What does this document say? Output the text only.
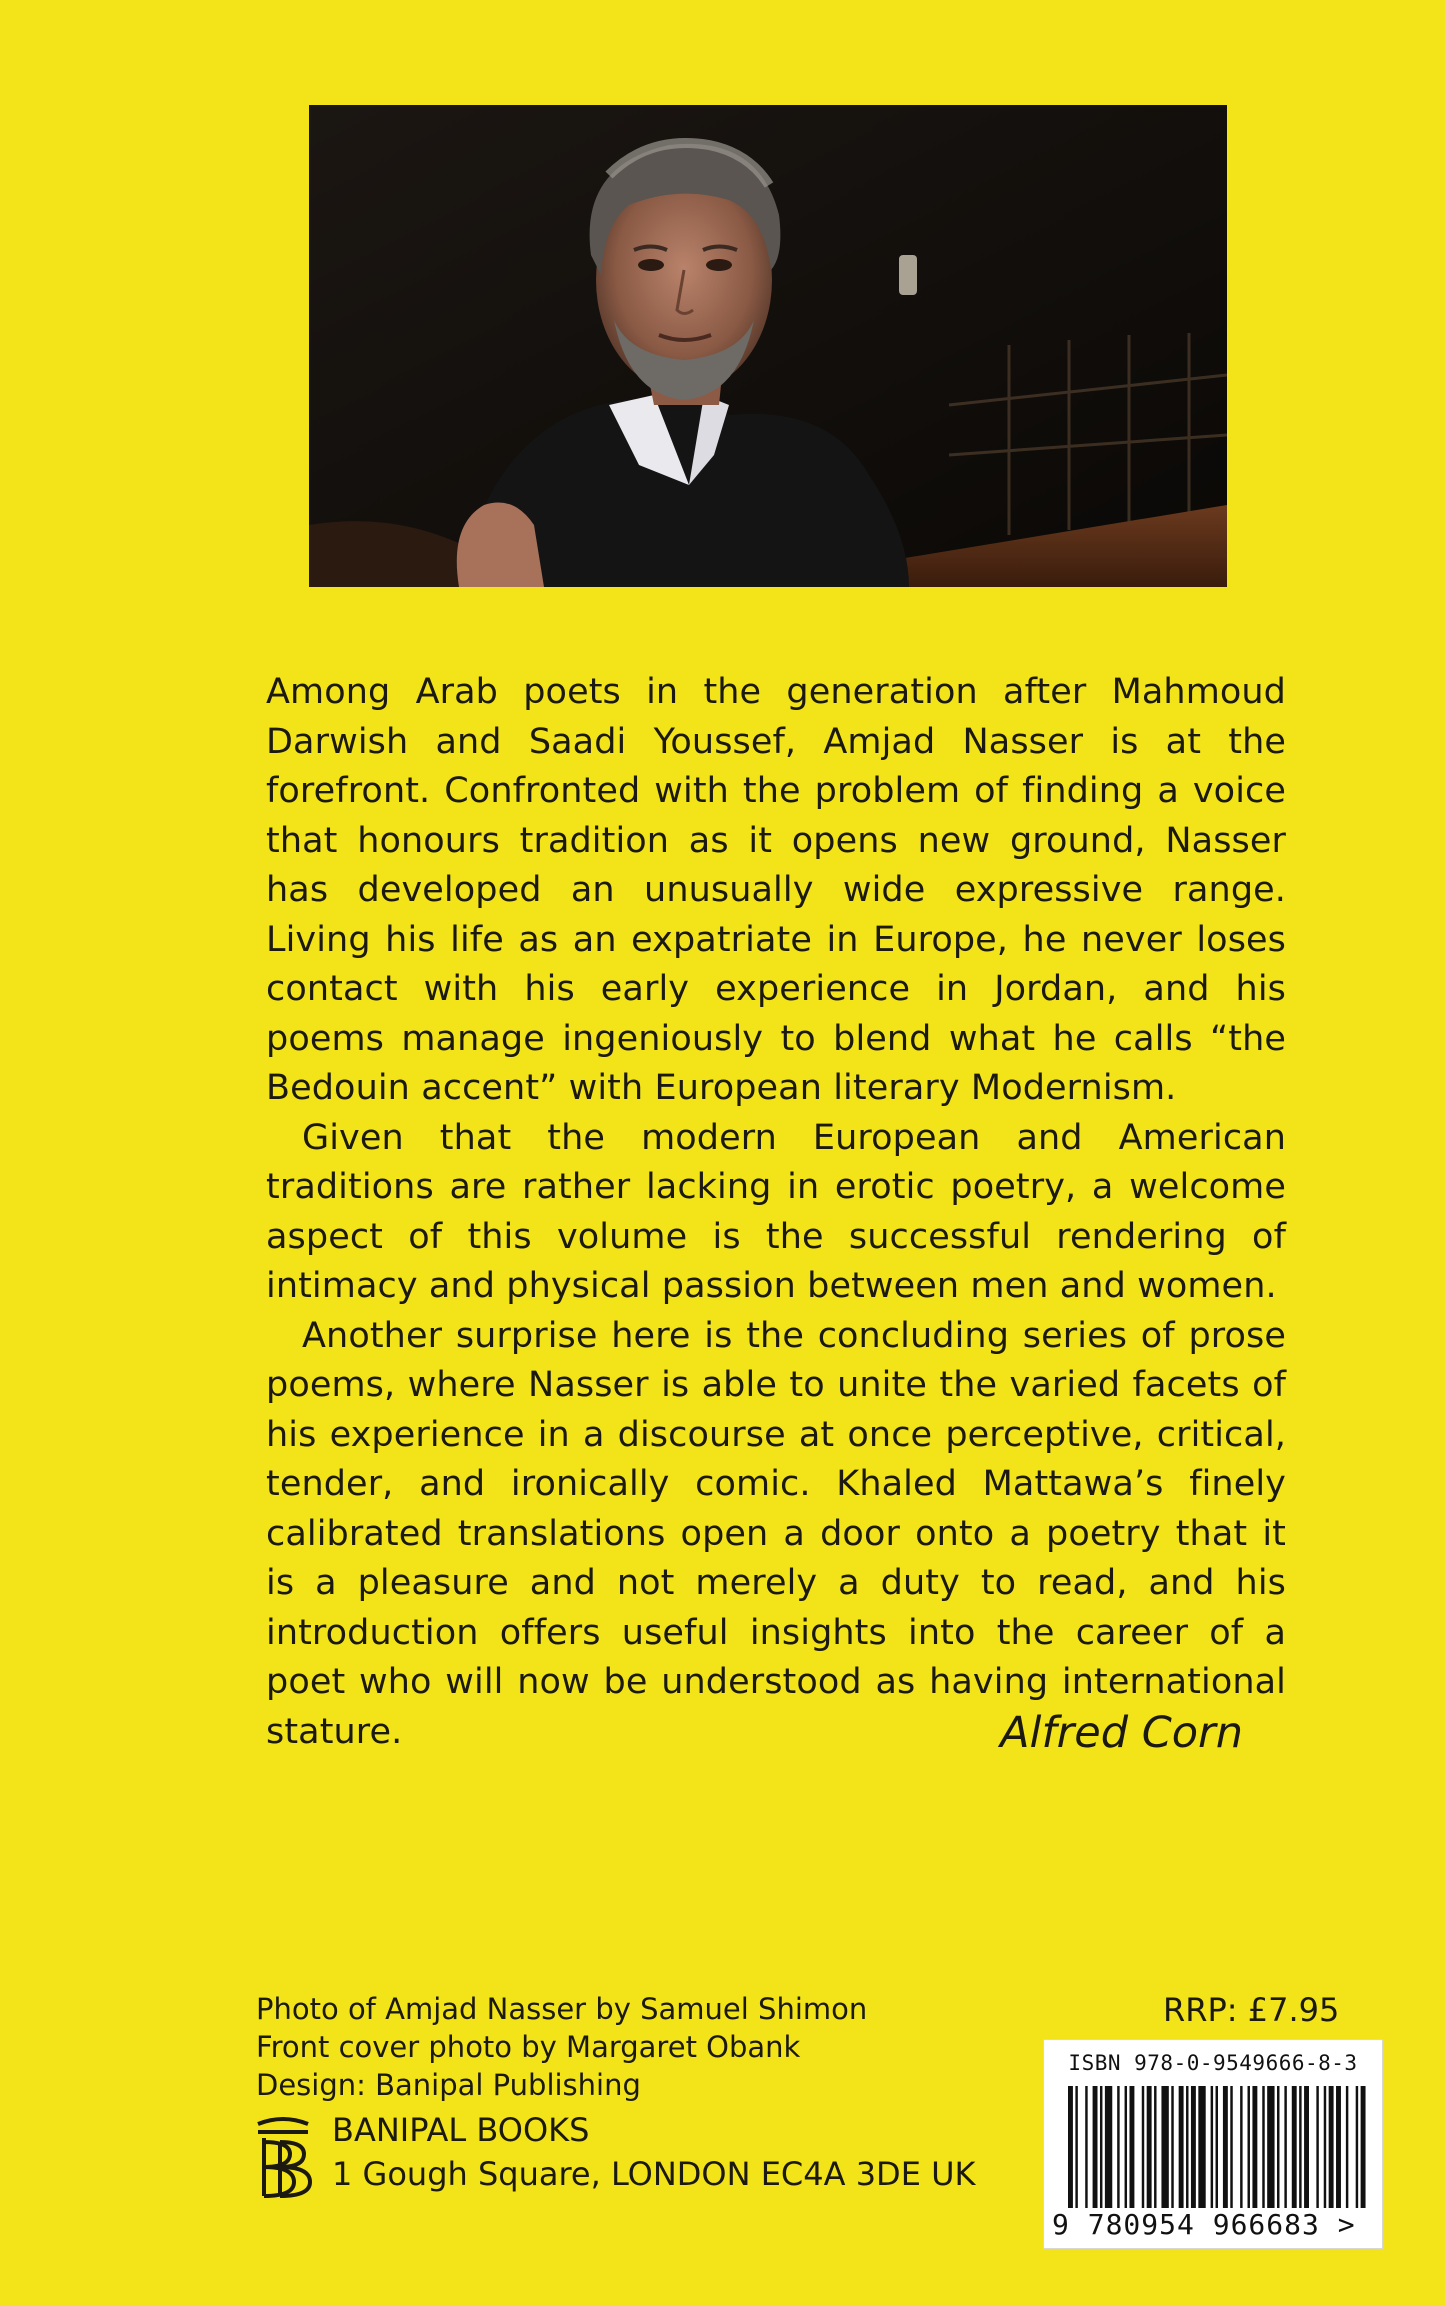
Among Arab poets in the generation after Mahmoud Darwish and Saadi Youssef, Amjad Nasser is at the forefront. Confronted with the problem of finding a voice that honours tradition as it opens new ground, Nasser has developed an unusually wide expressive range. Living his life as an expatriate in Europe, he never loses contact with his early experience in Jordan, and his poems manage ingeniously to blend what he calls “the Bedouin accent” with European literary Modernism.

Given that the modern European and American traditions are rather lacking in erotic poetry, a welcome aspect of this volume is the successful rendering of intimacy and physical passion between men and women.

Another surprise here is the concluding series of prose poems, where Nasser is able to unite the varied facets of his experience in a discourse at once perceptive, critical, tender, and ironically comic. Khaled Mattawa’s finely calibrated translations open a door onto a poetry that it is a pleasure and not merely a duty to read, and his introduction offers useful insights into the career of a poet who will now be understood as having international stature.	Alfred Corn
Photo of Amjad Nasser by Samuel Shimon
Front cover photo by Margaret Obank
Design: Banipal Publishing
BANIPAL BOOKS
1 Gough Square, LONDON EC4A 3DE UK
RRP: £7.95
ISBN 978-0-9549666-8-3
9 780954 966683 >
